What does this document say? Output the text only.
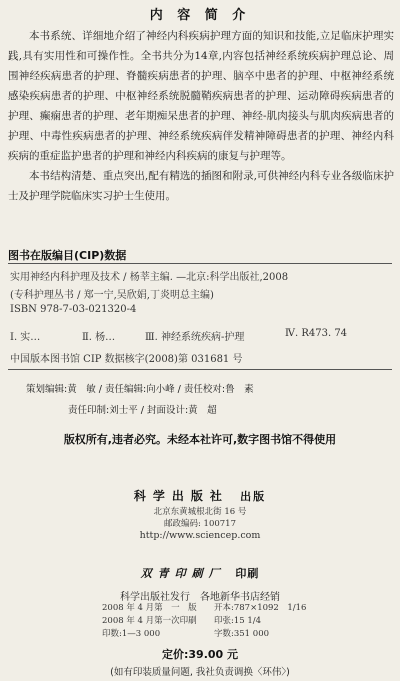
内 容 简 介

本书系统、详细地介绍了神经内科疾病护理方面的知识和技能,立足临床护理实践,具有实用性和可操作性。全书共分为14章,内容包括神经系统疾病护理总论、周围神经疾病患者的护理、脊髓疾病患者的护理、脑卒中患者的护理、中枢神经系统感染疾病患者的护理、中枢神经系统脱髓鞘疾病患者的护理、运动障碍疾病患者的护理、癫痫患者的护理、老年期痴呆患者的护理、神经-肌肉接头与肌肉疾病患者的护理、中毒性疾病患者的护理、神经系统疾病伴发精神障碍患者的护理、神经内科疾病的重症监护患者的护理和神经内科疾病的康复与护理等。

本书结构清楚、重点突出,配有精选的插图和附录,可供神经内科专业各级临床护士及护理学院临床实习护士生使用。

图书在版编目(CIP)数据
实用神经内科护理及技术 / 杨莘主编. —北京:科学出版社,2008
(专科护理丛书 / 郑一宁,吴欣娟,丁炎明总主编)
ISBN 978-7-03-021320-4
Ⅰ. 实…	Ⅱ. 杨…	Ⅲ. 神经系统疾病-护理	Ⅳ. R473. 74
中国版本图书馆 CIP 数据核字(2008)第 031681 号
策划编辑:黄　敏 / 责任编辑:向小峰 / 责任校对:鲁　素
责任印制:刘士平 / 封面设计:黄　超
版权所有,违者必究。未经本社许可,数字图书馆不得使用
科学出版社 出版
北京东黄城根北街 16 号
邮政编码: 100717
http://www.sciencep.com
双青印刷厂 印刷
科学出版社发行　各地新华书店经销
2008 年 4 月第　一　版 开本:787×1092　1/16
2008 年 4 月第一次印刷 印张:15 1/4
印数:1—3 000	字数:351 000
定价:39.00 元
(如有印装质量问题, 我社负责调换〈环伟〉)
